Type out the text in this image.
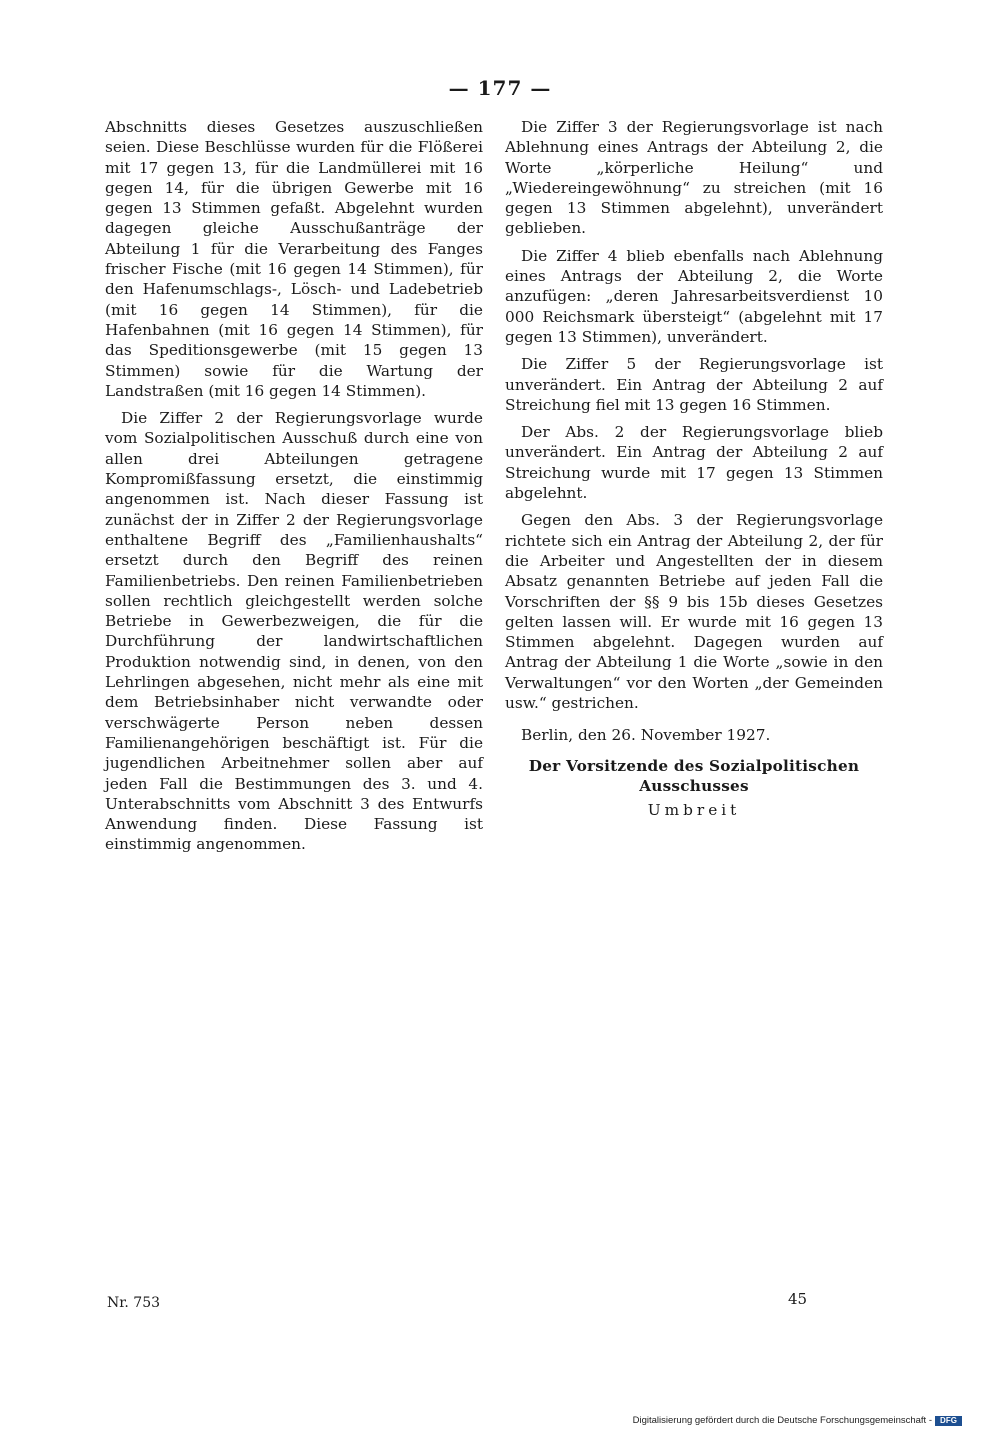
— 177 —

Abschnitts dieses Gesetzes auszuschließen seien. Diese Beschlüsse wurden für die Flößerei mit 17 gegen 13, für die Landmüllerei mit 16 gegen 14, für die übrigen Gewerbe mit 16 gegen 13 Stimmen gefaßt. Abgelehnt wurden dagegen gleiche Ausschußanträge der Abteilung 1 für die Verarbeitung des Fanges frischer Fische (mit 16 gegen 14 Stimmen), für den Hafenumschlags-, Lösch- und Ladebetrieb (mit 16 gegen 14 Stimmen), für die Hafenbahnen (mit 16 gegen 14 Stimmen), für das Speditionsgewerbe (mit 15 gegen 13 Stimmen) sowie für die Wartung der Landstraßen (mit 16 gegen 14 Stimmen).

Die Ziffer 2 der Regierungsvorlage wurde vom Sozialpolitischen Ausschuß durch eine von allen drei Abteilungen getragene Kompromißfassung ersetzt, die einstimmig angenommen ist. Nach dieser Fassung ist zunächst der in Ziffer 2 der Regierungsvorlage enthaltene Begriff des „Familienhaushalts“ ersetzt durch den Begriff des reinen Familienbetriebs. Den reinen Familienbetrieben sollen rechtlich gleichgestellt werden solche Betriebe in Gewerbezweigen, die für die Durchführung der landwirtschaftlichen Produktion notwendig sind, in denen, von den Lehrlingen abgesehen, nicht mehr als eine mit dem Betriebsinhaber nicht verwandte oder verschwägerte Person neben dessen Familienangehörigen beschäftigt ist. Für die jugendlichen Arbeitnehmer sollen aber auf jeden Fall die Bestimmungen des 3. und 4. Unterabschnitts vom Abschnitt 3 des Entwurfs Anwendung finden. Diese Fassung ist einstimmig angenommen.

Die Ziffer 3 der Regierungsvorlage ist nach Ablehnung eines Antrags der Abteilung 2, die Worte „körperliche Heilung“ und „Wiedereingewöhnung“ zu streichen (mit 16 gegen 13 Stimmen abgelehnt), unverändert geblieben.

Die Ziffer 4 blieb ebenfalls nach Ablehnung eines Antrags der Abteilung 2, die Worte anzufügen: „deren Jahresarbeitsverdienst 10 000 Reichsmark übersteigt“ (abgelehnt mit 17 gegen 13 Stimmen), unverändert.

Die Ziffer 5 der Regierungsvorlage ist unverändert. Ein Antrag der Abteilung 2 auf Streichung fiel mit 13 gegen 16 Stimmen.

Der Abs. 2 der Regierungsvorlage blieb unverändert. Ein Antrag der Abteilung 2 auf Streichung wurde mit 17 gegen 13 Stimmen abgelehnt.

Gegen den Abs. 3 der Regierungsvorlage richtete sich ein Antrag der Abteilung 2, der für die Arbeiter und Angestellten der in diesem Absatz genannten Betriebe auf jeden Fall die Vorschriften der §§ 9 bis 15b dieses Gesetzes gelten lassen will. Er wurde mit 16 gegen 13 Stimmen abgelehnt. Dagegen wurden auf Antrag der Abteilung 1 die Worte „sowie in den Verwaltungen“ vor den Worten „der Gemeinden usw.“ gestrichen.

Berlin, den 26. November 1927.

Der Vorsitzende des Sozialpolitischen Ausschusses
Umbreit
Nr. 753	45
Digitalisierung gefördert durch die Deutsche Forschungsgemeinschaft -	DFG
